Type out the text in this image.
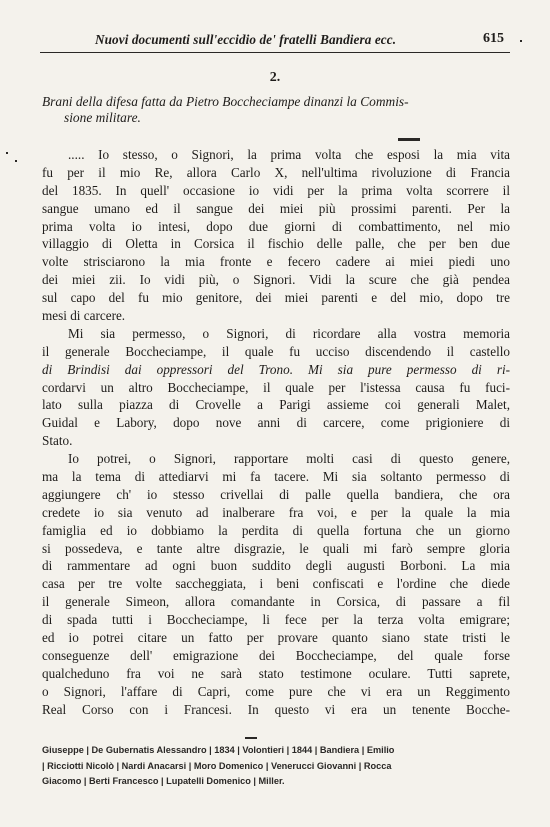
Nuovi documenti sull'eccidio de' fratelli Bandiera ecc.	615
2.
Brani della difesa fatta da Pietro Boccheciampe dinanzi la Commis-
sione militare.
..... Io stesso, o Signori, la prima volta che esposi la mia vita
fu per il mio Re, allora Carlo X, nell'ultima rivoluzione di Francia
del 1835. In quell' occasione io vidi per la prima volta scorrere il
sangue umano ed il sangue dei miei più prossimi parenti. Per la
prima volta io intesi, dopo due giorni di combattimento, nel mio
villaggio di Oletta in Corsica il fischio delle palle, che per ben due
volte strisciarono la mia fronte e fecero cadere ai miei piedi uno
dei miei zii. Io vidi più, o Signori. Vidi la scure che già pendea
sul capo del fu mio genitore, dei miei parenti e del mio, dopo tre
mesi di carcere.
Mi sia permesso, o Signori, di ricordare alla vostra memoria
il generale Boccheciampe, il quale fu ucciso discendendo il castello
di Brindisi dai oppressori del Trono. Mi sia pure permesso di ri-
cordarvi un altro Boccheciampe, il quale per l'istessa causa fu fuci-
lato sulla piazza di Crovelle a Parigi assieme coi generali Malet,
Guidal e Labory, dopo nove anni di carcere, come prigioniere di
Stato.
Io potrei, o Signori, rapportare molti casi di questo genere,
ma la tema di attediarvi mi fa tacere. Mi sia soltanto permesso di
aggiungere ch' io stesso crivellai di palle quella bandiera, che ora
credete io sia venuto ad inalberare fra voi, e per la quale la mia
famiglia ed io dobbiamo la perdita di quella fortuna che un giorno
si possedeva, e tante altre disgrazie, le quali mi farò sempre gloria
di rammentare ad ogni buon suddito degli augusti Borboni. La mia
casa per tre volte saccheggiata, i beni confiscati e l'ordine che diede
il generale Simeon, allora comandante in Corsica, di passare a fil
di spada tutti i Boccheciampe, li fece per la terza volta emigrare;
ed io potrei citare un fatto per provare quanto siano state tristi le
conseguenze dell' emigrazione dei Boccheciampe, del quale forse
qualcheduno fra voi ne sarà stato testimone oculare. Tutti saprete,
o Signori, l'affare di Capri, come pure che vi era un Reggimento
Real Corso con i Francesi. In questo vi era un tenente Bocche-
Giuseppe | De Gubernatis Alessandro | 1834 | Volontieri | 1844 | Bandiera | Emilio
| Ricciotti Nicolò | Nardi Anacarsi | Moro Domenico | Venerucci Giovanni | Rocca
Giacomo | Berti Francesco | Lupatelli Domenico | Miller.
